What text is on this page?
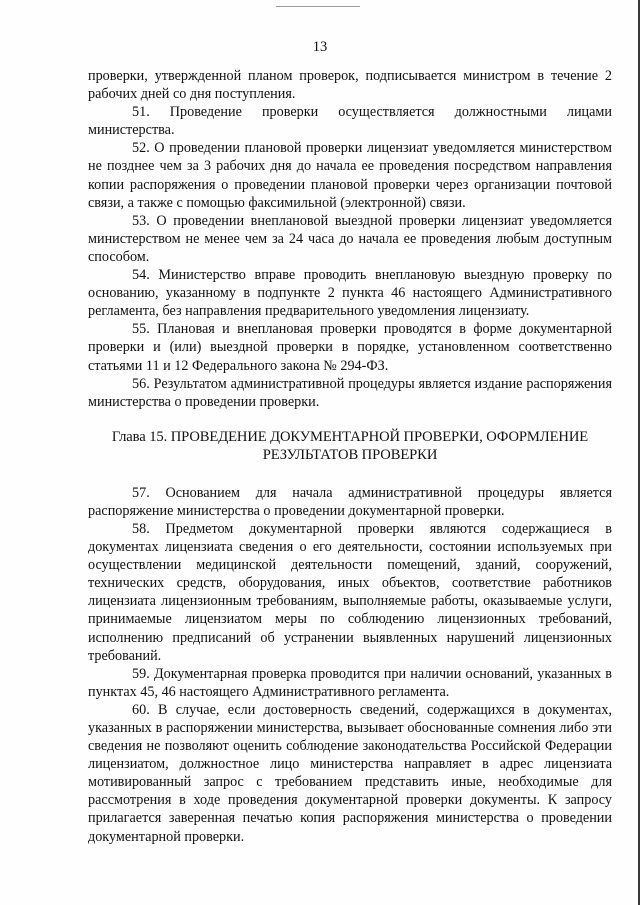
13

проверки, утвержденной планом проверок, подписывается министром в течение 2 рабочих дней со дня поступления.

51. Проведение проверки осуществляется должностными лицами министерства.

52. О проведении плановой проверки лицензиат уведомляется министерством не позднее чем за 3 рабочих дня до начала ее проведения посредством направления копии распоряжения о проведении плановой проверки через организации почтовой связи, а также с помощью факсимильной (электронной) связи.

53. О проведении внеплановой выездной проверки лицензиат уведомляется министерством не менее чем за 24 часа до начала ее проведения любым доступным способом.

54. Министерство вправе проводить внеплановую выездную проверку по основанию, указанному в подпункте 2 пункта 46 настоящего Административного регламента, без направления предварительного уведомления лицензиату.

55. Плановая и внеплановая проверки проводятся в форме документарной проверки и (или) выездной проверки в порядке, установленном соответственно статьями 11 и 12 Федерального закона № 294-ФЗ.

56. Результатом административной процедуры является издание распоряжения министерства о проведении проверки.

Глава 15. ПРОВЕДЕНИЕ ДОКУМЕНТАРНОЙ ПРОВЕРКИ, ОФОРМЛЕНИЕ
РЕЗУЛЬТАТОВ ПРОВЕРКИ

57. Основанием для начала административной процедуры является распоряжение министерства о проведении документарной проверки.

58. Предметом документарной проверки являются содержащиеся в документах лицензиата сведения о его деятельности, состоянии используемых при осуществлении медицинской деятельности помещений, зданий, сооружений, технических средств, оборудования, иных объектов, соответствие работников лицензиата лицензионным требованиям, выполняемые работы, оказываемые услуги, принимаемые лицензиатом меры по соблюдению лицензионных требований, исполнению предписаний об устранении выявленных нарушений лицензионных требований.

59. Документарная проверка проводится при наличии оснований, указанных в пунктах 45, 46 настоящего Административного регламента.

60. В случае, если достоверность сведений, содержащихся в документах, указанных в распоряжении министерства, вызывает обоснованные сомнения либо эти сведения не позволяют оценить соблюдение законодательства Российской Федерации лицензиатом, должностное лицо министерства направляет в адрес лицензиата мотивированный запрос с требованием представить иные, необходимые для рассмотрения в ходе проведения документарной проверки документы. К запросу прилагается заверенная печатью копия распоряжения министерства о проведении документарной проверки.
